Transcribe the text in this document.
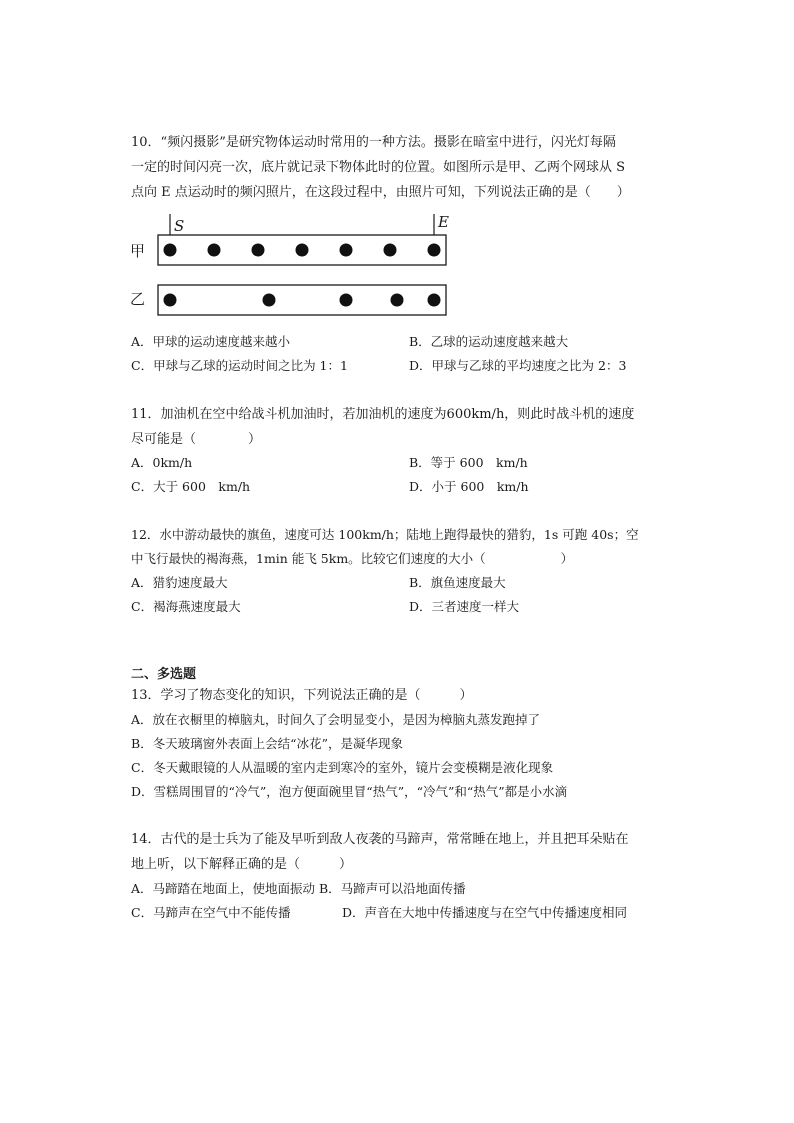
10．“频闪摄影”是研究物体运动时常用的一种方法。摄影在暗室中进行，闪光灯每隔
一定的时间闪亮一次，底片就记录下物体此时的位置。如图所示是甲、乙两个网球从 S
点向 E 点运动时的频闪照片，在这段过程中，由照片可知，下列说法正确的是（　　）
S	E
甲
乙
A．甲球的运动速度越来越小	B．乙球的运动速度越来越大
C．甲球与乙球的运动时间之比为 1：1	D．甲球与乙球的平均速度之比为 2：3
11．加油机在空中给战斗机加油时，若加油机的速度为600km/h，则此时战斗机的速度
尽可能是（　　　　）
A．0km/h	B．等于 600　km/h
C．大于 600　km/h	D．小于 600　km/h
12．水中游动最快的旗鱼，速度可达 100km/h；陆地上跑得最快的猎豹，1s 可跑 40s；空
中飞行最快的褐海燕，1min 能飞 5km。比较它们速度的大小（　　　　　　）
A．猎豹速度最大	B．旗鱼速度最大
C．褐海燕速度最大	D．三者速度一样大
二、多选题
13．学习了物态变化的知识，下列说法正确的是（　　　）
A．放在衣橱里的樟脑丸，时间久了会明显变小，是因为樟脑丸蒸发跑掉了
B．冬天玻璃窗外表面上会结“冰花”，是凝华现象
C．冬天戴眼镜的人从温暖的室内走到寒冷的室外，镜片会变模糊是液化现象
D．雪糕周围冒的“冷气”，泡方便面碗里冒“热气”，“冷气”和“热气”都是小水滴
14．古代的是士兵为了能及早听到敌人夜袭的马蹄声，常常睡在地上，并且把耳朵贴在
地上听，以下解释正确的是（　　　）
A．马蹄踏在地面上，使地面振动 B．马蹄声可以沿地面传播
C．马蹄声在空气中不能传播	D．声音在大地中传播速度与在空气中传播速度相同
